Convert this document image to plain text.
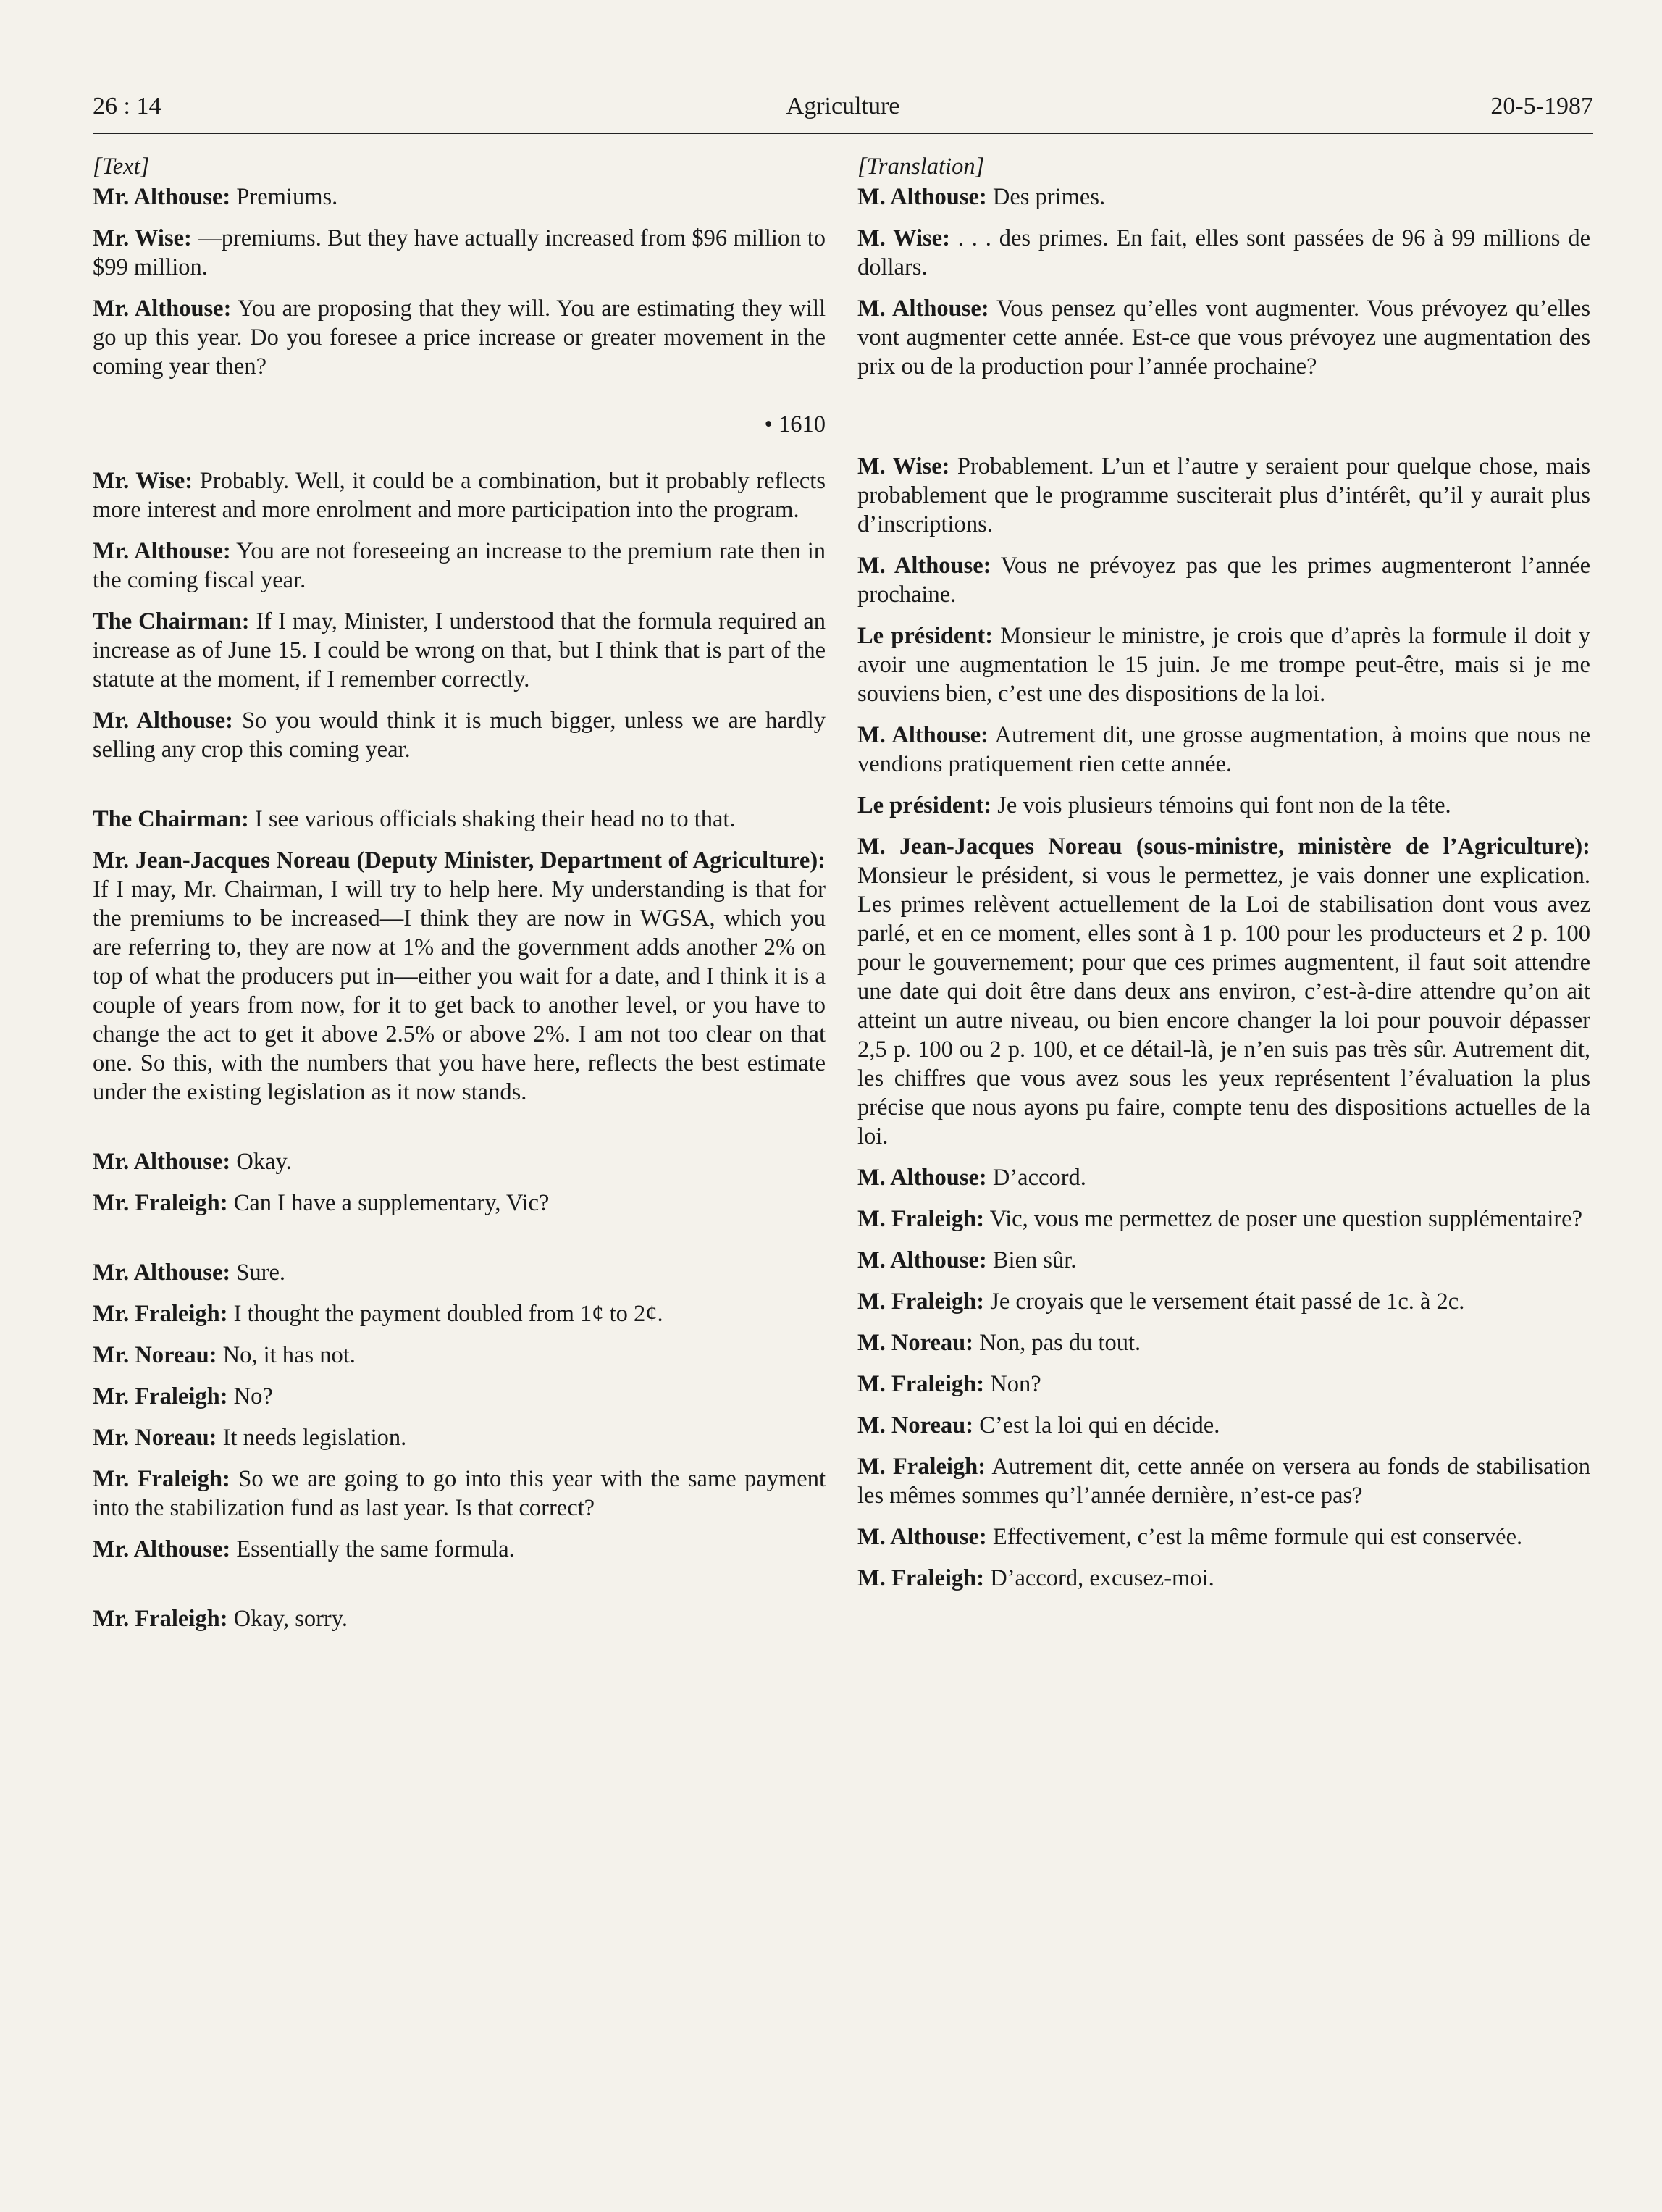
26 : 14	Agriculture	20-5-1987
[Text]

Mr. Althouse: Premiums.

Mr. Wise: —premiums. But they have actually increased from $96 million to $99 million.

Mr. Althouse: You are proposing that they will. You are estimating they will go up this year. Do you foresee a price increase or greater movement in the coming year then?

• 1610

Mr. Wise: Probably. Well, it could be a combination, but it probably reflects more interest and more enrolment and more participation into the program.

Mr. Althouse: You are not foreseeing an increase to the premium rate then in the coming fiscal year.

The Chairman: If I may, Minister, I understood that the formula required an increase as of June 15. I could be wrong on that, but I think that is part of the statute at the moment, if I remember correctly.

Mr. Althouse: So you would think it is much bigger, unless we are hardly selling any crop this coming year.

The Chairman: I see various officials shaking their head no to that.

Mr. Jean-Jacques Noreau (Deputy Minister, Department of Agriculture): If I may, Mr. Chairman, I will try to help here. My understanding is that for the premiums to be increased—I think they are now in WGSA, which you are referring to, they are now at 1% and the government adds another 2% on top of what the producers put in—either you wait for a date, and I think it is a couple of years from now, for it to get back to another level, or you have to change the act to get it above 2.5% or above 2%. I am not too clear on that one. So this, with the numbers that you have here, reflects the best estimate under the existing legislation as it now stands.

Mr. Althouse: Okay.

Mr. Fraleigh: Can I have a supplementary, Vic?

Mr. Althouse: Sure.

Mr. Fraleigh: I thought the payment doubled from 1¢ to 2¢.

Mr. Noreau: No, it has not.

Mr. Fraleigh: No?

Mr. Noreau: It needs legislation.

Mr. Fraleigh: So we are going to go into this year with the same payment into the stabilization fund as last year. Is that correct?

Mr. Althouse: Essentially the same formula.

Mr. Fraleigh: Okay, sorry.

[Translation]

M. Althouse: Des primes.

M. Wise: . . . des primes. En fait, elles sont passées de 96 à 99 millions de dollars.

M. Althouse: Vous pensez qu’elles vont augmenter. Vous prévoyez qu’elles vont augmenter cette année. Est-ce que vous prévoyez une augmentation des prix ou de la production pour l’année prochaine?

M. Wise: Probablement. L’un et l’autre y seraient pour quelque chose, mais probablement que le programme susciterait plus d’intérêt, qu’il y aurait plus d’inscriptions.

M. Althouse: Vous ne prévoyez pas que les primes augmenteront l’année prochaine.

Le président: Monsieur le ministre, je crois que d’après la formule il doit y avoir une augmentation le 15 juin. Je me trompe peut-être, mais si je me souviens bien, c’est une des dispositions de la loi.

M. Althouse: Autrement dit, une grosse augmentation, à moins que nous ne vendions pratiquement rien cette année.

Le président: Je vois plusieurs témoins qui font non de la tête.

M. Jean-Jacques Noreau (sous-ministre, ministère de l’Agriculture): Monsieur le président, si vous le permettez, je vais donner une explication. Les primes relèvent actuellement de la Loi de stabilisation dont vous avez parlé, et en ce moment, elles sont à 1 p. 100 pour les producteurs et 2 p. 100 pour le gouvernement; pour que ces primes augmentent, il faut soit attendre une date qui doit être dans deux ans environ, c’est-à-dire attendre qu’on ait atteint un autre niveau, ou bien encore changer la loi pour pouvoir dépasser 2,5 p. 100 ou 2 p. 100, et ce détail-là, je n’en suis pas très sûr. Autrement dit, les chiffres que vous avez sous les yeux représentent l’évaluation la plus précise que nous ayons pu faire, compte tenu des dispositions actuelles de la loi.

M. Althouse: D’accord.

M. Fraleigh: Vic, vous me permettez de poser une question supplémentaire?

M. Althouse: Bien sûr.

M. Fraleigh: Je croyais que le versement était passé de 1c. à 2c.

M. Noreau: Non, pas du tout.

M. Fraleigh: Non?

M. Noreau: C’est la loi qui en décide.

M. Fraleigh: Autrement dit, cette année on versera au fonds de stabilisation les mêmes sommes qu’l’année dernière, n’est-ce pas?

M. Althouse: Effectivement, c’est la même formule qui est conservée.

M. Fraleigh: D’accord, excusez-moi.
